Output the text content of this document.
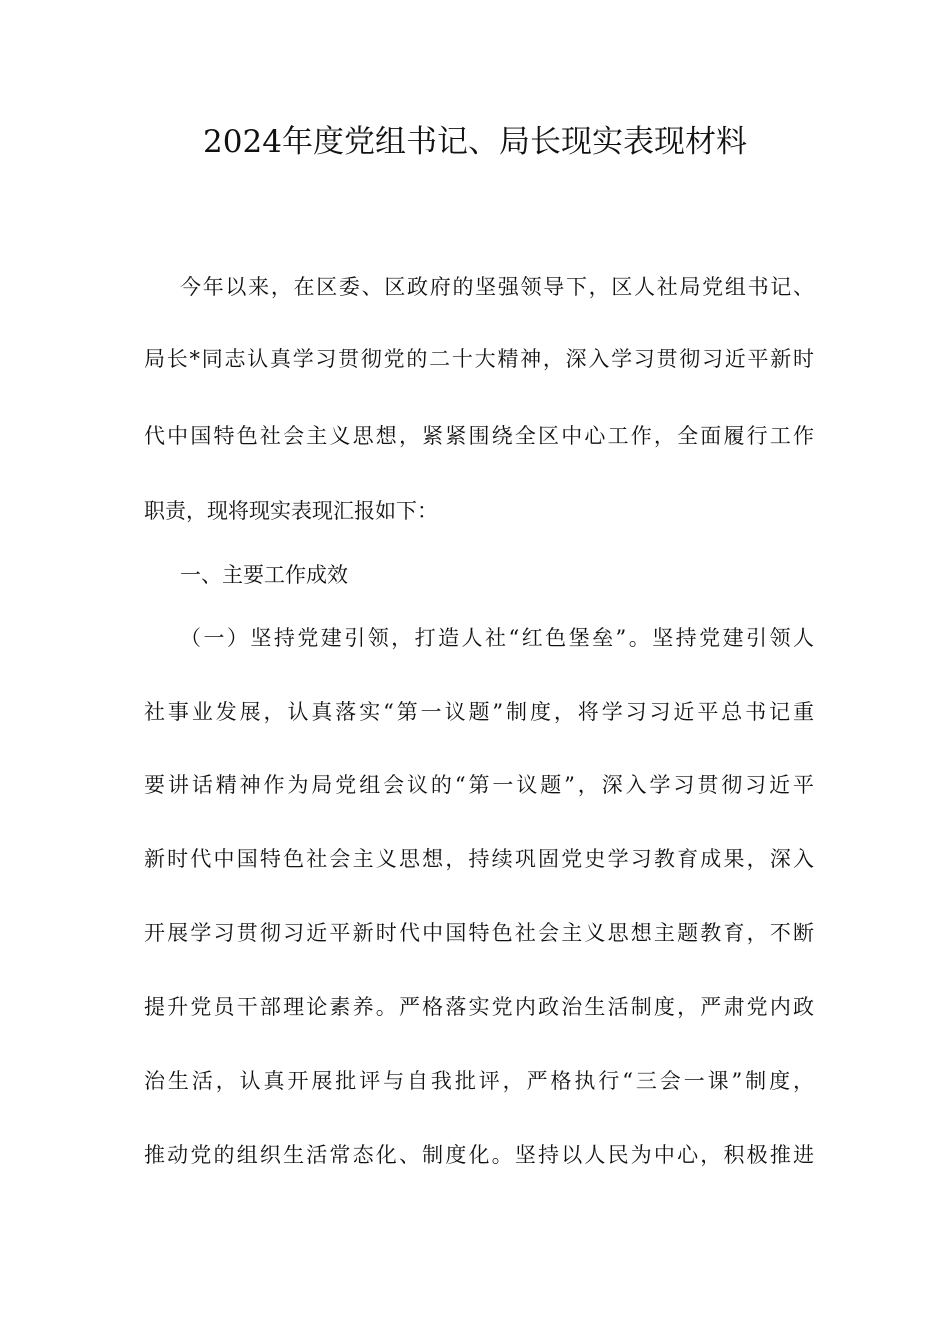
2024年度党组书记、局长现实表现材料
今年以来，在区委、区政府的坚强领导下，区人社局党组书记、
局长*同志认真学习贯彻党的二十大精神，深入学习贯彻习近平新时
代中国特色社会主义思想，紧紧围绕全区中心工作，全面履行工作
职责，现将现实表现汇报如下：
一、主要工作成效
（一）坚持党建引领，打造人社“红色堡垒”。坚持党建引领人
社事业发展，认真落实“第一议题”制度，将学习习近平总书记重
要讲话精神作为局党组会议的“第一议题”，深入学习贯彻习近平
新时代中国特色社会主义思想，持续巩固党史学习教育成果，深入
开展学习贯彻习近平新时代中国特色社会主义思想主题教育，不断
提升党员干部理论素养。严格落实党内政治生活制度，严肃党内政
治生活，认真开展批评与自我批评，严格执行“三会一课”制度，
推动党的组织生活常态化、制度化。坚持以人民为中心，积极推进
